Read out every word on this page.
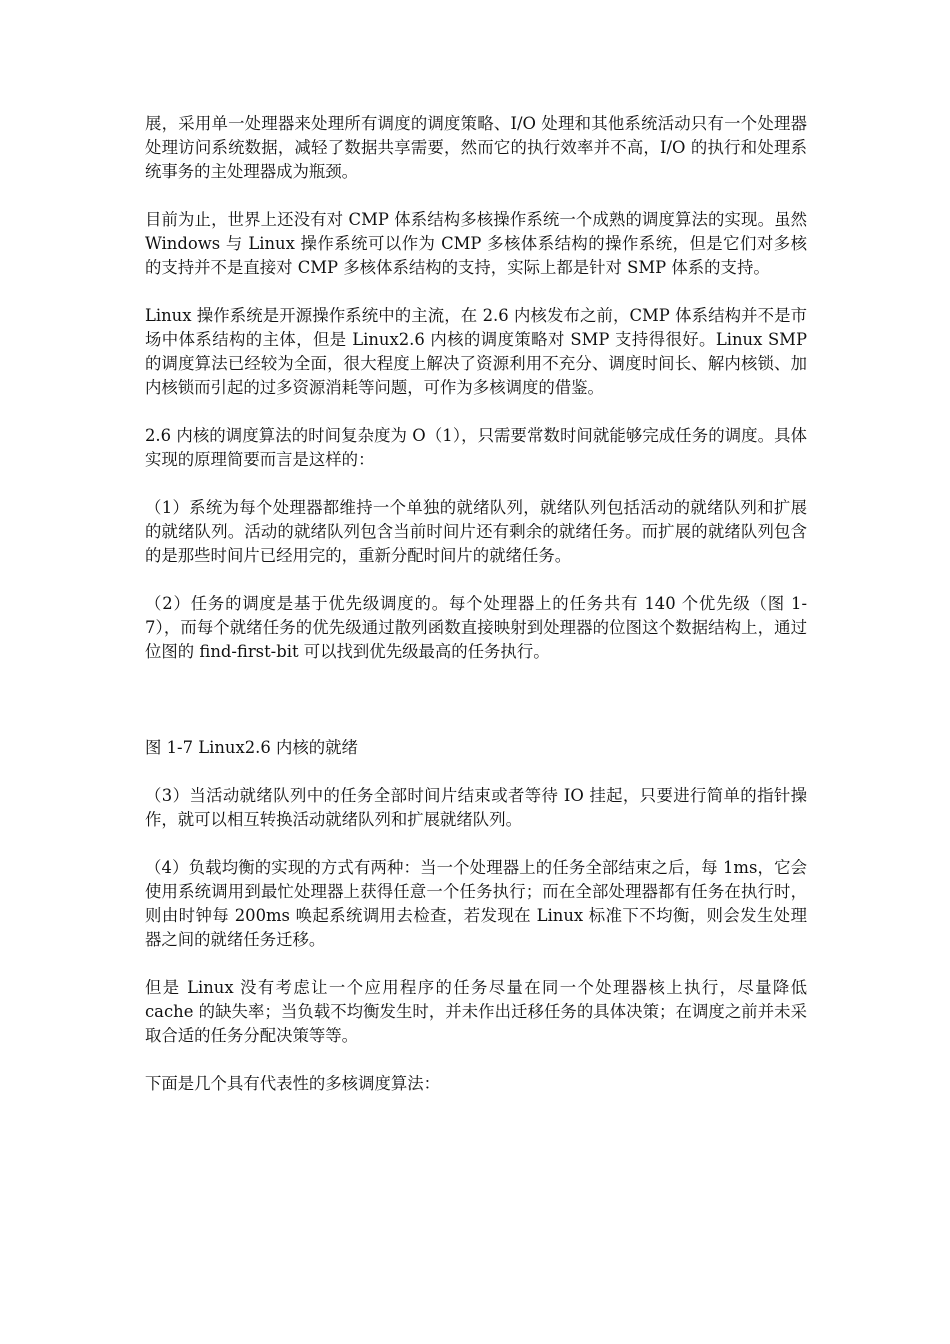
展，采用单一处理器来处理所有调度的调度策略、I/O 处理和其他系统活动只有一个处理器处理访问系统数据，减轻了数据共享需要，然而它的执行效率并不高，I/O 的执行和处理系统事务的主处理器成为瓶颈。

目前为止，世界上还没有对 CMP 体系结构多核操作系统一个成熟的调度算法的实现。虽然 Windows 与 Linux 操作系统可以作为 CMP 多核体系结构的操作系统，但是它们对多核的支持并不是直接对 CMP 多核体系结构的支持，实际上都是针对 SMP 体系的支持。

Linux 操作系统是开源操作系统中的主流，在 2.6 内核发布之前，CMP 体系结构并不是市场中体系结构的主体，但是 Linux2.6 内核的调度策略对 SMP 支持得很好。Linux SMP 的调度算法已经较为全面，很大程度上解决了资源利用不充分、调度时间长、解内核锁、加内核锁而引起的过多资源消耗等问题，可作为多核调度的借鉴。

2.6 内核的调度算法的时间复杂度为 O（1），只需要常数时间就能够完成任务的调度。具体实现的原理简要而言是这样的：

（1）系统为每个处理器都维持一个单独的就绪队列，就绪队列包括活动的就绪队列和扩展的就绪队列。活动的就绪队列包含当前时间片还有剩余的就绪任务。而扩展的就绪队列包含的是那些时间片已经用完的，重新分配时间片的就绪任务。

（2）任务的调度是基于优先级调度的。每个处理器上的任务共有 140 个优先级（图 1-7），而每个就绪任务的优先级通过散列函数直接映射到处理器的位图这个数据结构上，通过位图的 find-first-bit 可以找到优先级最高的任务执行。

图 1-7 Linux2.6 内核的就绪

（3）当活动就绪队列中的任务全部时间片结束或者等待 IO 挂起，只要进行简单的指针操作，就可以相互转换活动就绪队列和扩展就绪队列。

（4）负载均衡的实现的方式有两种：当一个处理器上的任务全部结束之后，每 1ms，它会使用系统调用到最忙处理器上获得任意一个任务执行；而在全部处理器都有任务在执行时，则由时钟每 200ms 唤起系统调用去检查，若发现在 Linux 标准下不均衡，则会发生处理器之间的就绪任务迁移。

但是 Linux 没有考虑让一个应用程序的任务尽量在同一个处理器核上执行，尽量降低 cache 的缺失率；当负载不均衡发生时，并未作出迁移任务的具体决策；在调度之前并未采取合适的任务分配决策等等。

下面是几个具有代表性的多核调度算法：
